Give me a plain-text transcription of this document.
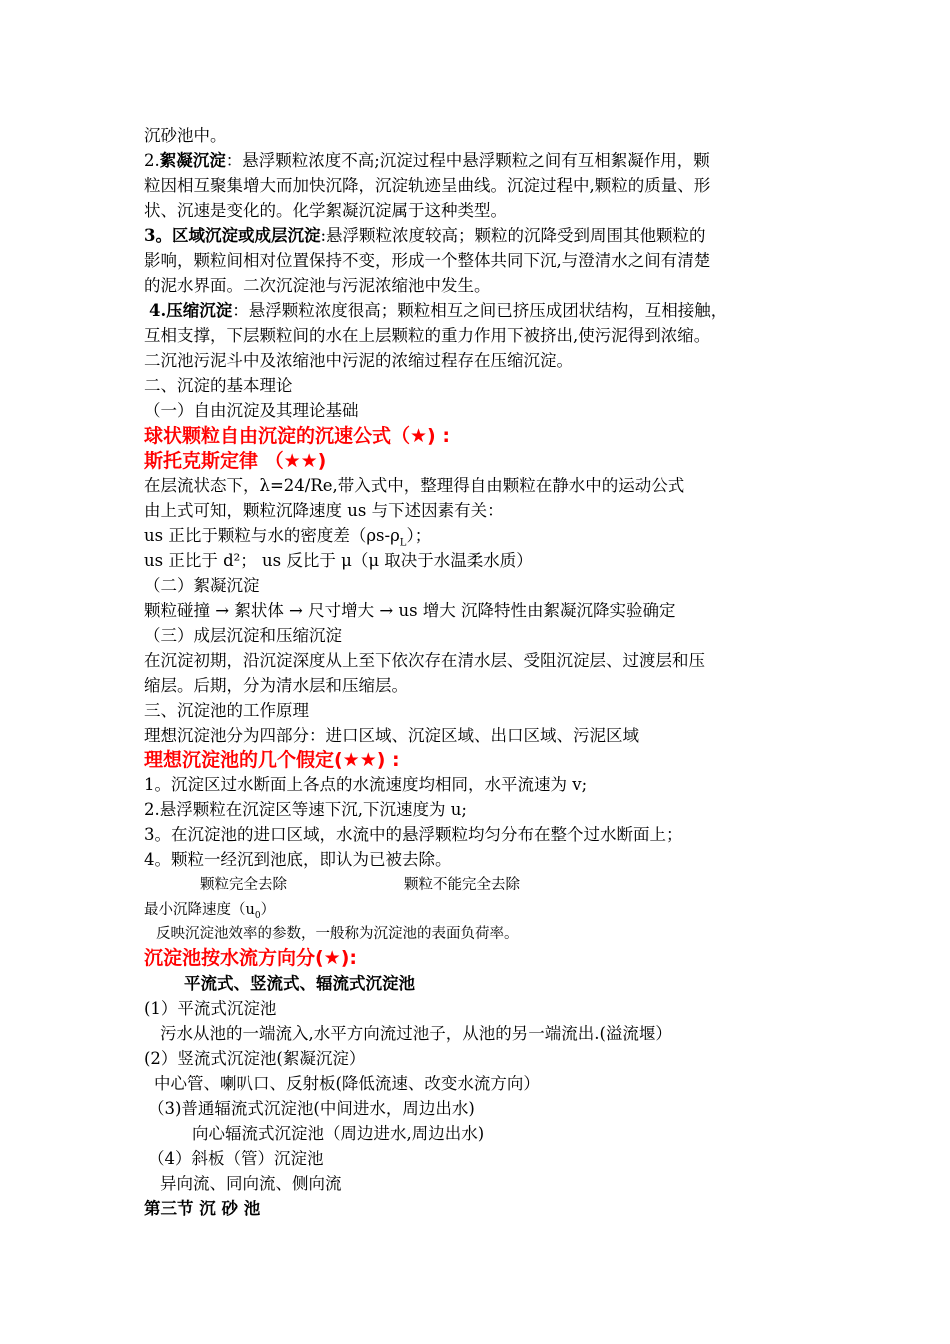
沉砂池中。
2.絮凝沉淀：悬浮颗粒浓度不高;沉淀过程中悬浮颗粒之间有互相絮凝作用，颗
粒因相互聚集增大而加快沉降，沉淀轨迹呈曲线。沉淀过程中,颗粒的质量、形
状、沉速是变化的。化学絮凝沉淀属于这种类型。
3。区域沉淀或成层沉淀:悬浮颗粒浓度较高；颗粒的沉降受到周围其他颗粒的
影响，颗粒间相对位置保持不变，形成一个整体共同下沉,与澄清水之间有清楚
的泥水界面。二次沉淀池与污泥浓缩池中发生。
4.压缩沉淀：悬浮颗粒浓度很高；颗粒相互之间已挤压成团状结构，互相接触，
互相支撑，下层颗粒间的水在上层颗粒的重力作用下被挤出,使污泥得到浓缩。
二沉池污泥斗中及浓缩池中污泥的浓缩过程存在压缩沉淀。
二、沉淀的基本理论
（一）自由沉淀及其理论基础
球状颗粒自由沉淀的沉速公式（★) :
斯托克斯定律 （★★)
在层流状态下，λ=24/Re,带入式中，整理得自由颗粒在静水中的运动公式
由上式可知，颗粒沉降速度 us 与下述因素有关：
us 正比于颗粒与水的密度差$(\rho s-\rho_L)$；
us 正比于 d²； us 反比于 μ（μ 取决于水温柔水质）
（二）絮凝沉淀
颗粒碰撞 → 絮状体 → 尺寸增大 → us 增大 沉降特性由絮凝沉降实验确定
（三）成层沉淀和压缩沉淀
在沉淀初期，沿沉淀深度从上至下依次存在清水层、受阻沉淀层、过渡层和压
缩层。后期，分为清水层和压缩层。
三、沉淀池的工作原理
理想沉淀池分为四部分：进口区域、沉淀区域、出口区域、污泥区域
理想沉淀池的几个假定(★★) :
1。沉淀区过水断面上各点的水流速度均相同，水平流速为 v;
2.悬浮颗粒在沉淀区等速下沉,下沉速度为 u;
3。在沉淀池的进口区域，水流中的悬浮颗粒均匀分布在整个过水断面上；
4。颗粒一经沉到池底，即认为已被去除。
颗粒完全去除	颗粒不能完全去除
最小沉降速度$(u_0)$
反映沉淀池效率的参数，一般称为沉淀池的表面负荷率。
沉淀池按水流方向分(★):
平流式、竖流式、辐流式沉淀池
(1）平流式沉淀池
污水从池的一端流入,水平方向流过池子，从池的另一端流出.(溢流堰）
(2）竖流式沉淀池(絮凝沉淀）
中心管、喇叭口、反射板(降低流速、改变水流方向）
（3)普通辐流式沉淀池(中间进水，周边出水)
向心辐流式沉淀池（周边进水,周边出水)
（4）斜板（管）沉淀池
异向流、同向流、侧向流
第三节 沉 砂 池
